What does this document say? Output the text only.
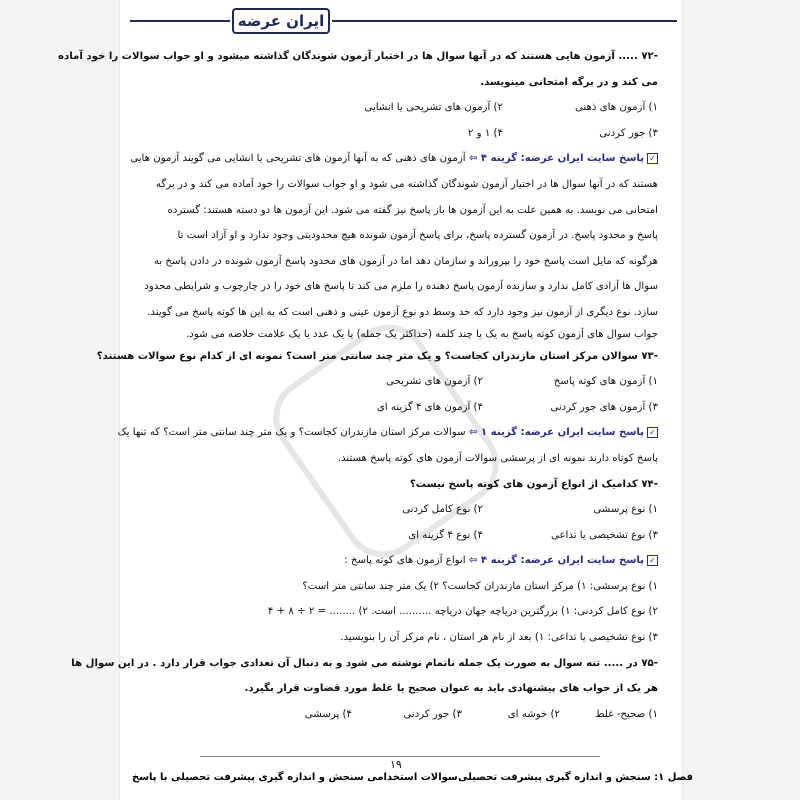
ایران عرضه
-۷۲ ..... آزمون هایی هستند که در آنها سوال ها در اختیار آزمون شوندگان گذاشته میشود و او جواب سوالات را خود آماده
می کند و در برگه امتحانی مینویسد.
۱) آزمون های ذهنی
۲) آزمون های تشریحی یا انشایی
۳) جور کردنی
۴) ۱ و ۲
✓پاسخ سایت ایران عرضه: گزینه ۴ ⇦ آزمون های ذهنی که به آنها آزمون های تشریحی یا انشایی می گویند آزمون هایی
هستند که در آنها سوال ها در اختیار آزمون شوندگان گذاشته می شود و او جواب سوالات را خود آماده می کند و در برگه
امتحانی می نویسد. به همین علت به این آزمون ها باز پاسخ نیز گفته می شود. این آزمون ها دو دسته هستند: گسترده
پاسخ و محدود پاسخ. در آزمون گسترده پاسخ، برای پاسخ آزمون شونده هیچ محدودیتی وجود ندارد و او آزاد است تا
هرگونه که مایل است پاسخ خود را بپروراند و سازمان دهد اما در آزمون های محدود پاسخ آزمون شونده در دادن پاسخ به
سوال ها آزادی کامل ندارد و سازنده آزمون پاسخ دهنده را ملزم می کند تا پاسخ های خود را در چارچوب و شرایطی محدود
سازد. نوع دیگری از آزمون نیز وجود دارد که حد وسط دو نوع آزمون عینی و ذهنی است که به این ها کوته پاسخ می گویند.
جواب سوال های آزمون کوته پاسخ به یک یا چند کلمه (حداکثر یک جمله) یا یک عدد یا یک علامت خلاصه می شود.
-۷۳ سوالان مرکز استان مازندران کجاست؟ و یک متر چند سانتی متر است؟ نمونه ای از کدام نوع سوالات هستند؟
۱) آزمون های کوته پاسخ
۲) آزمون های تشریحی
۳) آزمون های جور کردنی
۴) آزمون های ۴ گزینه ای
✓پاسخ سایت ایران عرضه: گزینه ۱ ⇦ سوالات مرکز استان مازندران کجاست؟ و یک متر چند سانتی متر است؟ که تنها یک
پاسخ کوتاه دارند نمونه ای از پرسشی سوالات آزمون های کوته پاسخ هستند.
-۷۴ کدامیک از انواع آزمون های کوته پاسخ نیست؟
۱) نوع پرسشی
۲) نوع کامل کردنی
۳) نوع تشخیصی یا تداعی
۴) نوع ۴ گزینه ای
✓پاسخ سایت ایران عرضه: گزینه ۴ ⇦ انواع آزمون های کوته پاسخ :
۱) نوع پرسشی: ۱) مرکز استان مازندران کجاست؟ ۲) یک متر چند سانتی متر است؟
۲) نوع کامل کردنی: ۱) بزرگترین دریاچه جهان دریاچه .......... است. ۲) ........ = ۲ ÷ ۸ + ۴
۳) نوع تشخیصی یا تداعی: ۱) بعد از نام هر استان ، نام مرکز آن را بنویسید.
-۷۵ در ..... تنه سوال به صورت یک جمله ناتمام نوشته می شود و به دنبال آن تعدادی جواب قرار دارد . در این سوال ها
هر یک از جواب های پیشنهادی باید به عنوان صحیح یا غلط مورد قضاوت قرار بگیرد.
۱) صحیح- غلط
۲) خوشه ای
۳) جور کردنی
۴) پرسشی
۱۹
فصل ۱: سنجش و اندازه گیری پیشرفت تحصیلی
سوالات استخدامی سنجش و اندازه گیری پیشرفت تحصیلی با پاسخ
